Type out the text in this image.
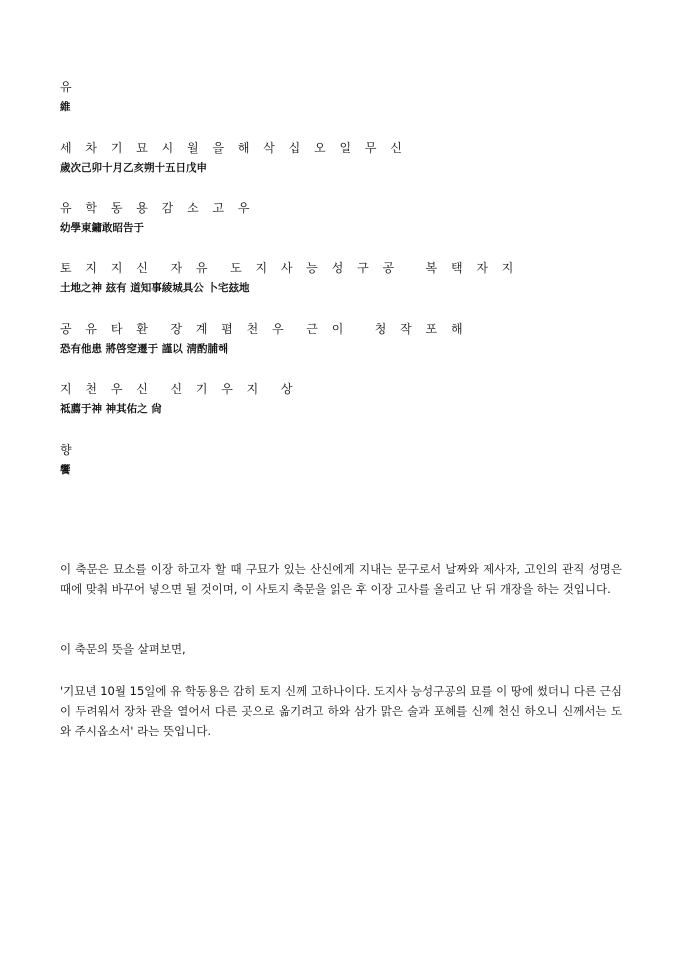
유
維
세 차 기 묘 시 월 을 해 삭 십 오 일 무 신
歲次己卯十月乙亥朔十五日戊申
유 학 동 용 감 소 고 우
幼學東鏞敢昭告于
토 지 지 신  자 유  도 지 사 능 성 구 공   복 택 자 지
土地之神 玆有 道知事綾城具公 卜宅玆地
공 유 타 환  장 계 폄 천 우  근 이   청 작 포 해
恐有他患 將啓窆遷于 謹以 淸酌脯해
지 천 우 신  신 기 우 지  상
祗薦于神 神其佑之 尙
향
饗
이 축문은 묘소를 이장 하고자 할 때 구묘가 있는 산신에게 지내는 문구로서 날짜와 제사자, 고인의 관직 성명은 때에 맞춰 바꾸어 넣으면 될 것이며, 이 사토지 축문을 읽은 후 이장 고사를 올리고 난 뒤 개장을 하는 것입니다.
이 축문의 뜻을 살펴보면,
'기묘년 10월 15일에 유 학동용은 감히 토지 신께 고하나이다. 도지사 능성구공의 묘를 이 땅에 썼더니 다른 근심이 두려워서 장차 관을 열어서 다른 곳으로 옮기려고 하와 삼가 맑은 술과 포혜를 신께 천신 하오니 신께서는 도와 주시옵소서' 라는 뜻입니다.
